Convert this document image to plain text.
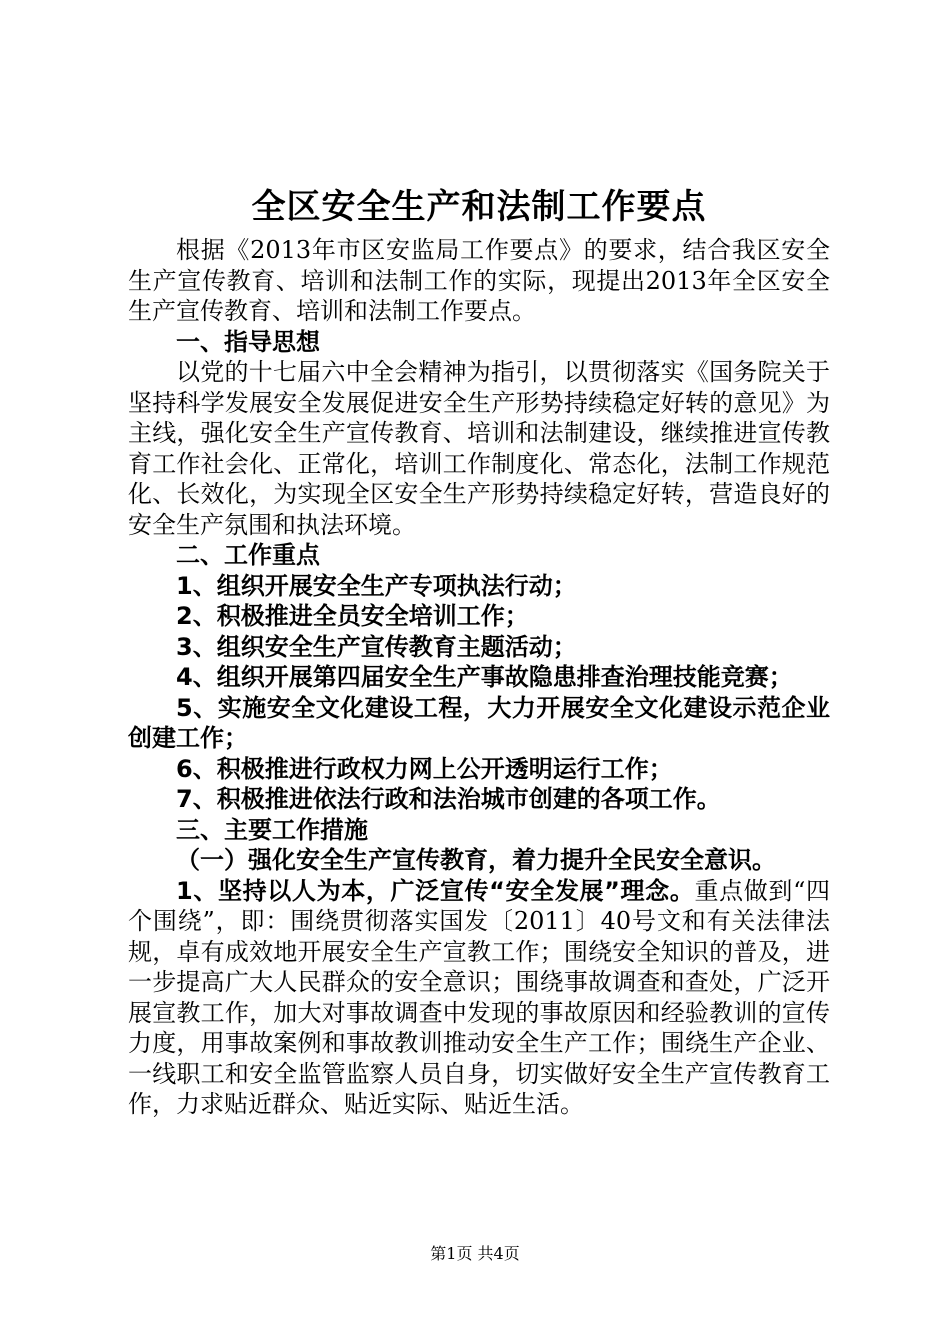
全区安全生产和法制工作要点

根据《2013年市区安监局工作要点》的要求，结合我区安全生产宣传教育、培训和法制工作的实际，现提出2013年全区安全生产宣传教育、培训和法制工作要点。

一、指导思想

以党的十七届六中全会精神为指引，以贯彻落实《国务院关于坚持科学发展安全发展促进安全生产形势持续稳定好转的意见》为主线，强化安全生产宣传教育、培训和法制建设，继续推进宣传教育工作社会化、正常化，培训工作制度化、常态化，法制工作规范化、长效化，为实现全区安全生产形势持续稳定好转，营造良好的安全生产氛围和执法环境。

二、工作重点

1、组织开展安全生产专项执法行动；

2、积极推进全员安全培训工作；

3、组织安全生产宣传教育主题活动；

4、组织开展第四届安全生产事故隐患排查治理技能竞赛；

5、实施安全文化建设工程，大力开展安全文化建设示范企业创建工作；

6、积极推进行政权力网上公开透明运行工作；

7、积极推进依法行政和法治城市创建的各项工作。

三、主要工作措施

（一）强化安全生产宣传教育，着力提升全民安全意识。

1、坚持以人为本，广泛宣传“安全发展”理念。重点做到“四个围绕”，即：围绕贯彻落实国发〔2011〕40号文和有关法律法规，卓有成效地开展安全生产宣教工作；围绕安全知识的普及，进一步提高广大人民群众的安全意识；围绕事故调查和查处，广泛开展宣教工作，加大对事故调查中发现的事故原因和经验教训的宣传力度，用事故案例和事故教训推动安全生产工作；围绕生产企业、一线职工和安全监管监察人员自身，切实做好安全生产宣传教育工作，力求贴近群众、贴近实际、贴近生活。

第1页 共4页
